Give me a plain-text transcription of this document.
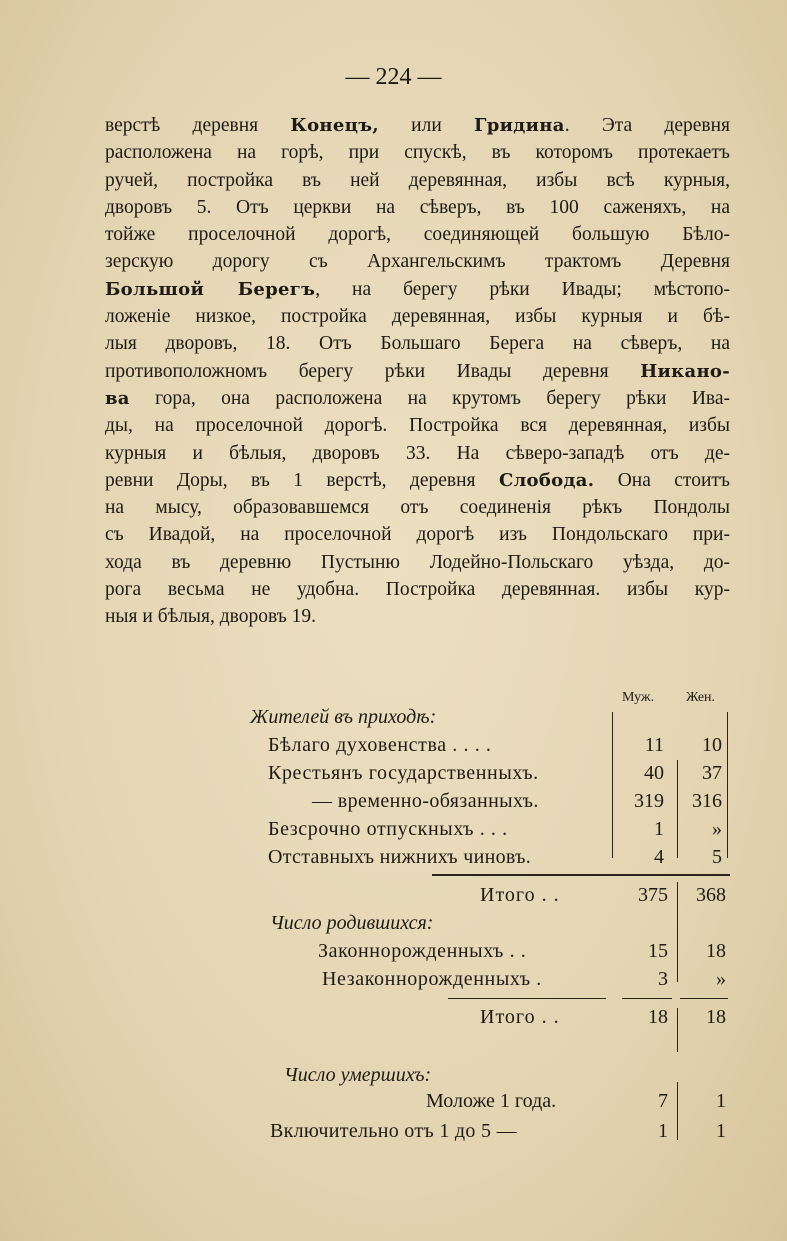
— 224 —
верстѣ деревня Конецъ, или Гридина. Эта деревня
расположена на горѣ, при спускѣ, въ которомъ протекаетъ
ручей, постройка въ ней деревянная, избы всѣ курныя,
дворовъ 5. Отъ церкви на сѣверъ, въ 100 саженяхъ, на
тойже проселочной дорогѣ, соединяющей большую Бѣло-
зерскую дорогу съ Архангельскимъ трактомъ Деревня
Большой Берегъ, на берегу рѣки Ивады; мѣстопо-
ложеніе низкое, постройка деревянная, избы курныя и бѣ-
лыя дворовъ, 18. Отъ Большаго Берега на сѣверъ, на
противоположномъ берегу рѣки Ивады деревня Никано-
ва гора, она расположена на крутомъ берегу рѣки Ива-
ды, на проселочной дорогѣ. Постройка вся деревянная, избы
курныя и бѣлыя, дворовъ 33. На сѣверо-западѣ отъ де-
ревни Доры, въ 1 верстѣ, деревня Слобода. Она стоитъ
на мысу, образовавшемся отъ соединенія рѣкъ Пондолы
съ Ивадой, на проселочной дорогѣ изъ Пондольскаго при-
хода въ деревню Пустыню Лодейно-Польскаго уѣзда, до-
рога весьма не удобна. Постройка деревянная. избы кур-
ныя и бѣлыя, дворовъ 19.
Муж. Жен.
Жителей въ приходѣ:
Бѣлаго духовенства . . . .	11	10
Крестьянъ государственныхъ.	40	37
— временно-обязанныхъ.	319	316
Безсрочно отпускныхъ . . .	1	»
Отставныхъ нижнихъ чиновъ.	4	5
Итого . .	375	368
Число родившихся:
Законнорожденныхъ . .	15	18
Незаконнорожденныхъ .	3	»
Итого . .	18	18
Число умершихъ:
Моложе 1 года.	7	1
Включительно отъ 1 до 5 —	1	1
